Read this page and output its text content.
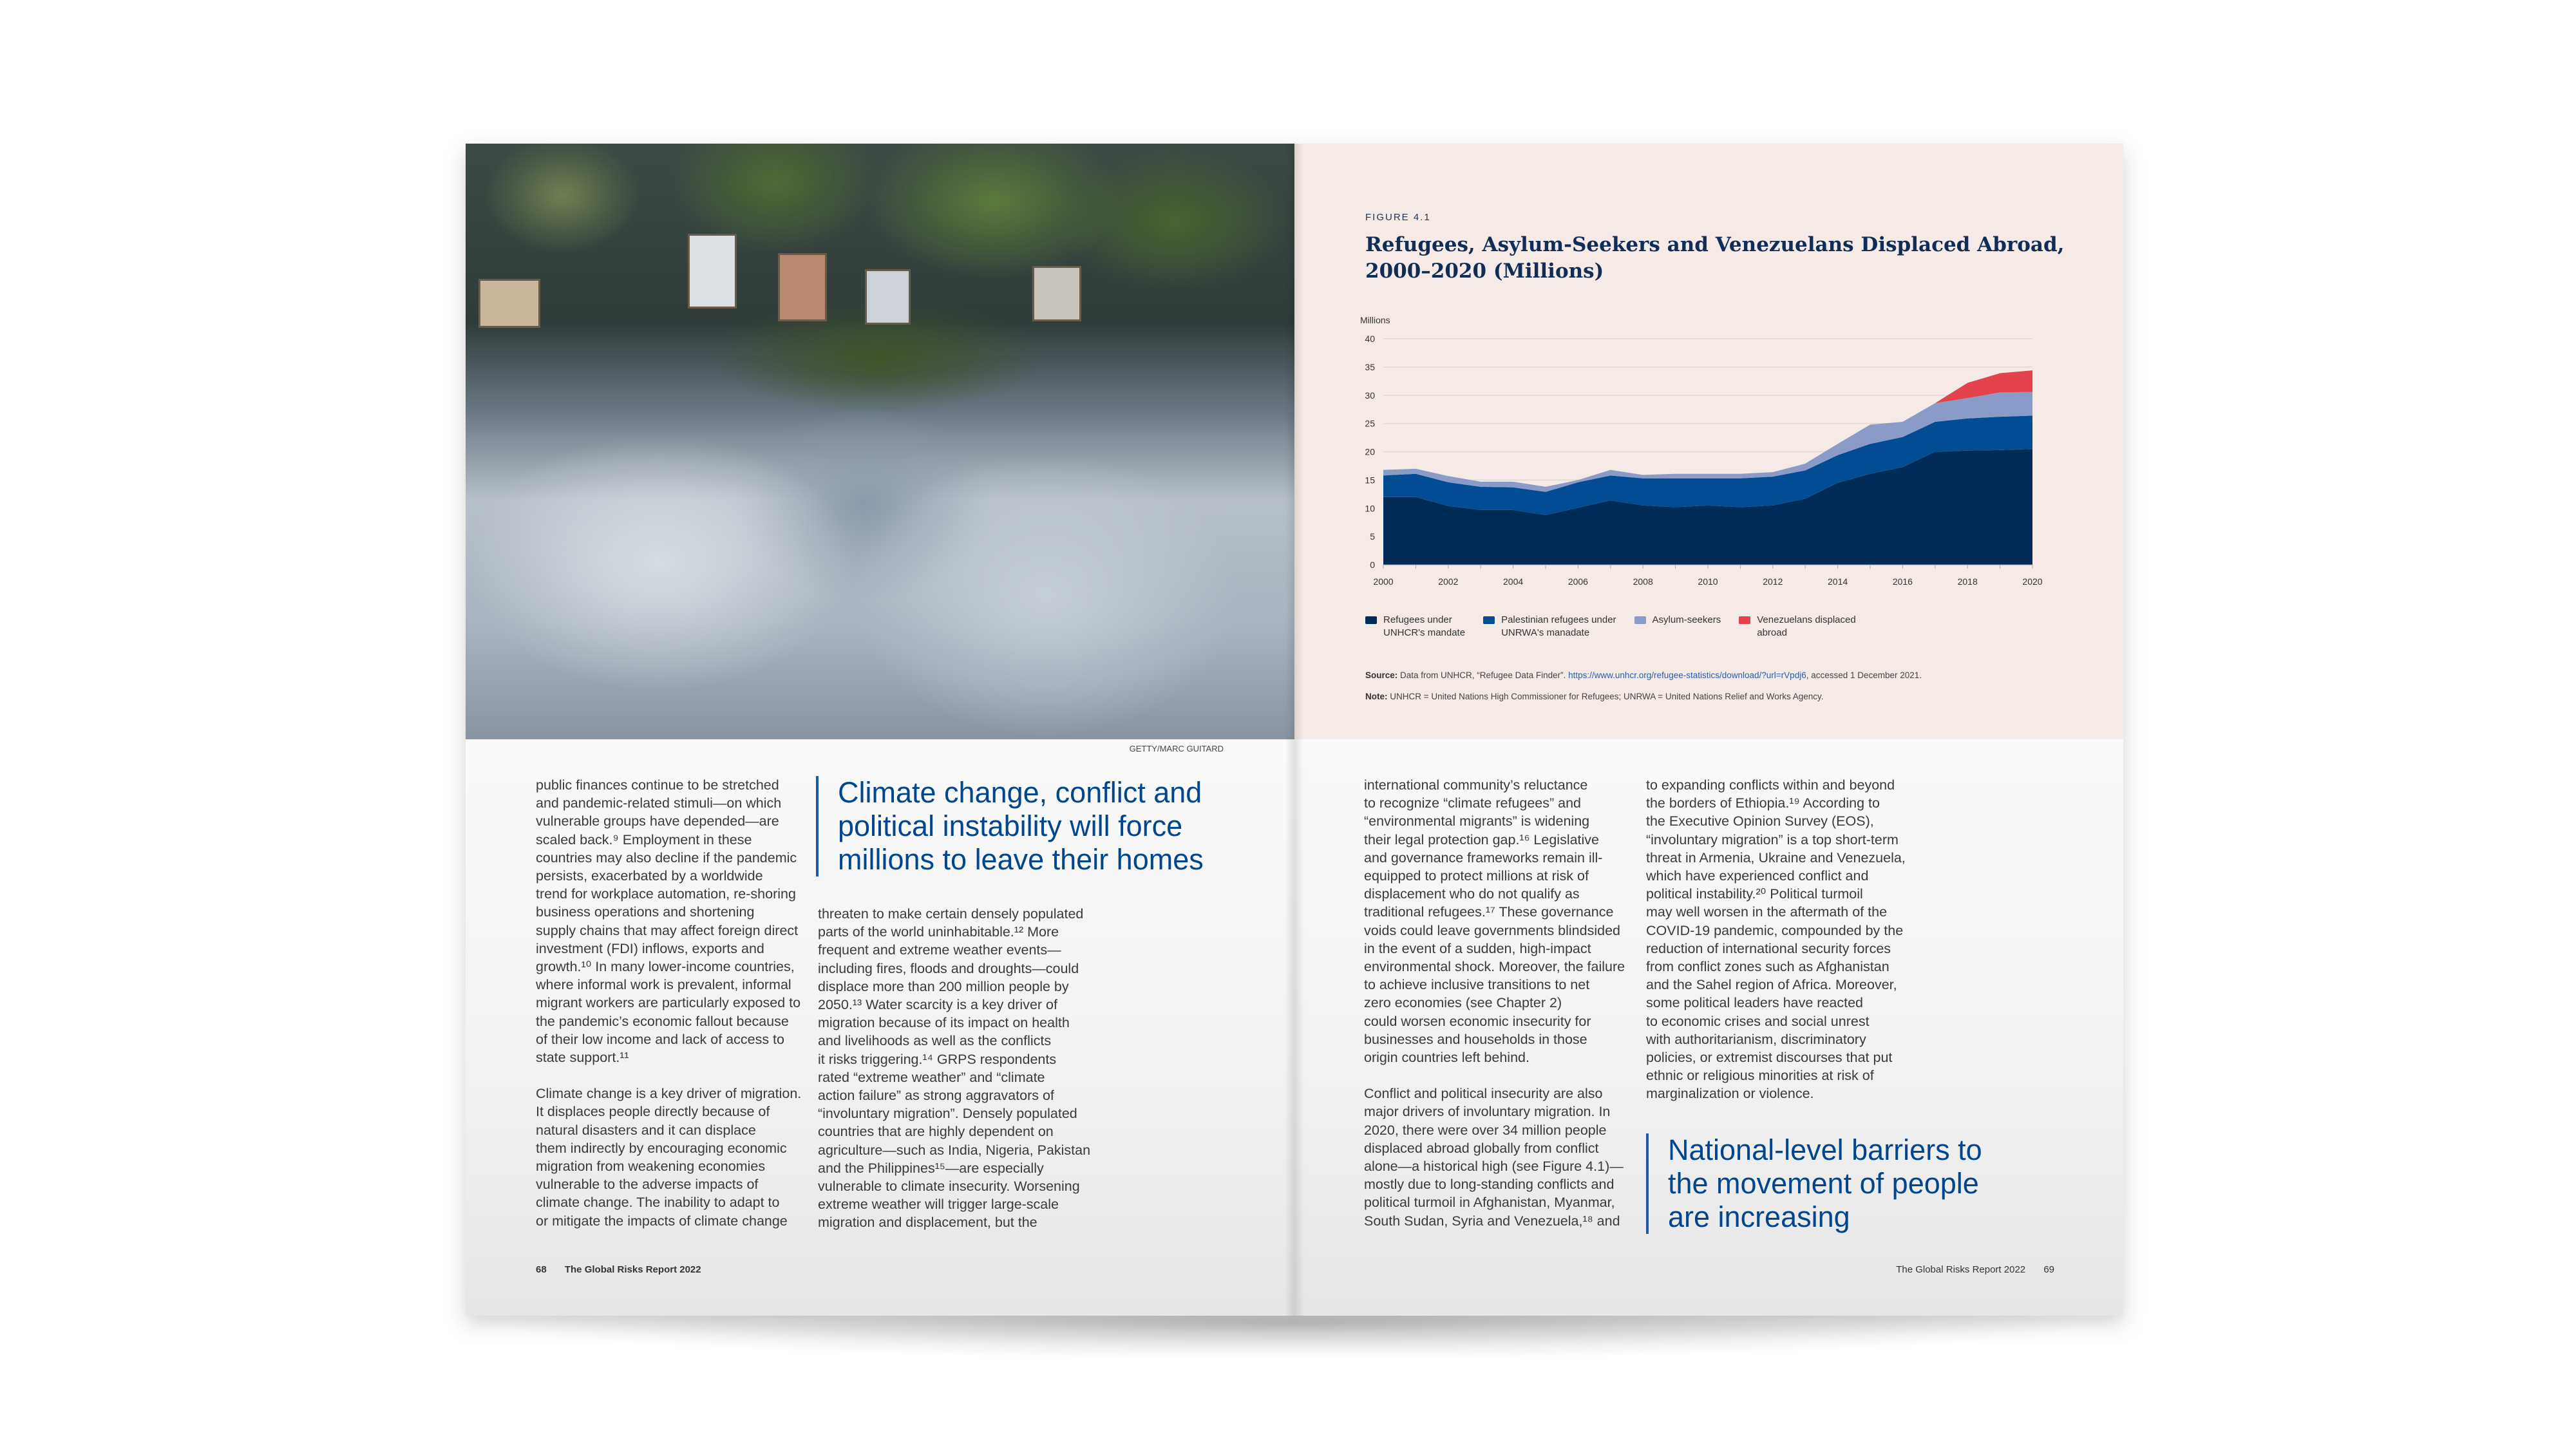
GETTY/MARC GUITARD
public finances continue to be stretched
and pandemic-related stimuli—on which
vulnerable groups have depended—are
scaled back.⁹ Employment in these
countries may also decline if the pandemic
persists, exacerbated by a worldwide
trend for workplace automation, re-shoring
business operations and shortening
supply chains that may affect foreign direct
investment (FDI) inflows, exports and
growth.¹⁰ In many lower-income countries,
where informal work is prevalent, informal
migrant workers are particularly exposed to
the pandemic’s economic fallout because
of their low income and lack of access to
state support.¹¹
Climate change is a key driver of migration.
It displaces people directly because of
natural disasters and it can displace
them indirectly by encouraging economic
migration from weakening economies
vulnerable to the adverse impacts of
climate change. The inability to adapt to
or mitigate the impacts of climate change
Climate change, conflict and
political instability will force
millions to leave their homes
threaten to make certain densely populated
parts of the world uninhabitable.¹² More
frequent and extreme weather events—
including fires, floods and droughts—could
displace more than 200 million people by
2050.¹³ Water scarcity is a key driver of
migration because of its impact on health
and livelihoods as well as the conflicts
it risks triggering.¹⁴ GRPS respondents
rated “extreme weather” and “climate
action failure” as strong aggravators of
“involuntary migration”. Densely populated
countries that are highly dependent on
agriculture—such as India, Nigeria, Pakistan
and the Philippines¹⁵—are especially
vulnerable to climate insecurity. Worsening
extreme weather will trigger large-scale
migration and displacement, but the
68 The Global Risks Report 2022
FIGURE 4.1
Refugees, Asylum-Seekers and Venezuelans Displaced Abroad, 2000–2020 (Millions)
Millions
0
5
10
15
20
25
30
35
40
2000	2002	2004	2006	2008	2010	2012	2014	2016	2018	2020
Refugees under
UNHCR's mandate
Palestinian refugees under
UNRWA's manadate
Asylum-seekers	Venezuelans displaced
abroad
Source: Data from UNHCR, “Refugee Data Finder”. https://www.unhcr.org/refugee-statistics/download/?url=rVpdj6, accessed 1 December 2021.
Note: UNHCR = United Nations High Commissioner for Refugees; UNRWA = United Nations Relief and Works Agency.
international community’s reluctance
to recognize “climate refugees” and
“environmental migrants” is widening
their legal protection gap.¹⁶ Legislative
and governance frameworks remain ill-
equipped to protect millions at risk of
displacement who do not qualify as
traditional refugees.¹⁷ These governance
voids could leave governments blindsided
in the event of a sudden, high-impact
environmental shock. Moreover, the failure
to achieve inclusive transitions to net
zero economies (see Chapter 2)
could worsen economic insecurity for
businesses and households in those
origin countries left behind.
Conflict and political insecurity are also
major drivers of involuntary migration. In
2020, there were over 34 million people
displaced abroad globally from conflict
alone—a historical high (see Figure 4.1)—
mostly due to long-standing conflicts and
political turmoil in Afghanistan, Myanmar,
South Sudan, Syria and Venezuela,¹⁸ and
to expanding conflicts within and beyond
the borders of Ethiopia.¹⁹ According to
the Executive Opinion Survey (EOS),
“involuntary migration” is a top short-term
threat in Armenia, Ukraine and Venezuela,
which have experienced conflict and
political instability.²⁰ Political turmoil
may well worsen in the aftermath of the
COVID-19 pandemic, compounded by the
reduction of international security forces
from conflict zones such as Afghanistan
and the Sahel region of Africa. Moreover,
some political leaders have reacted
to economic crises and social unrest
with authoritarianism, discriminatory
policies, or extremist discourses that put
ethnic or religious minorities at risk of
marginalization or violence.
National-level barriers to
the movement of people
are increasing
The Global Risks Report 2022 69
